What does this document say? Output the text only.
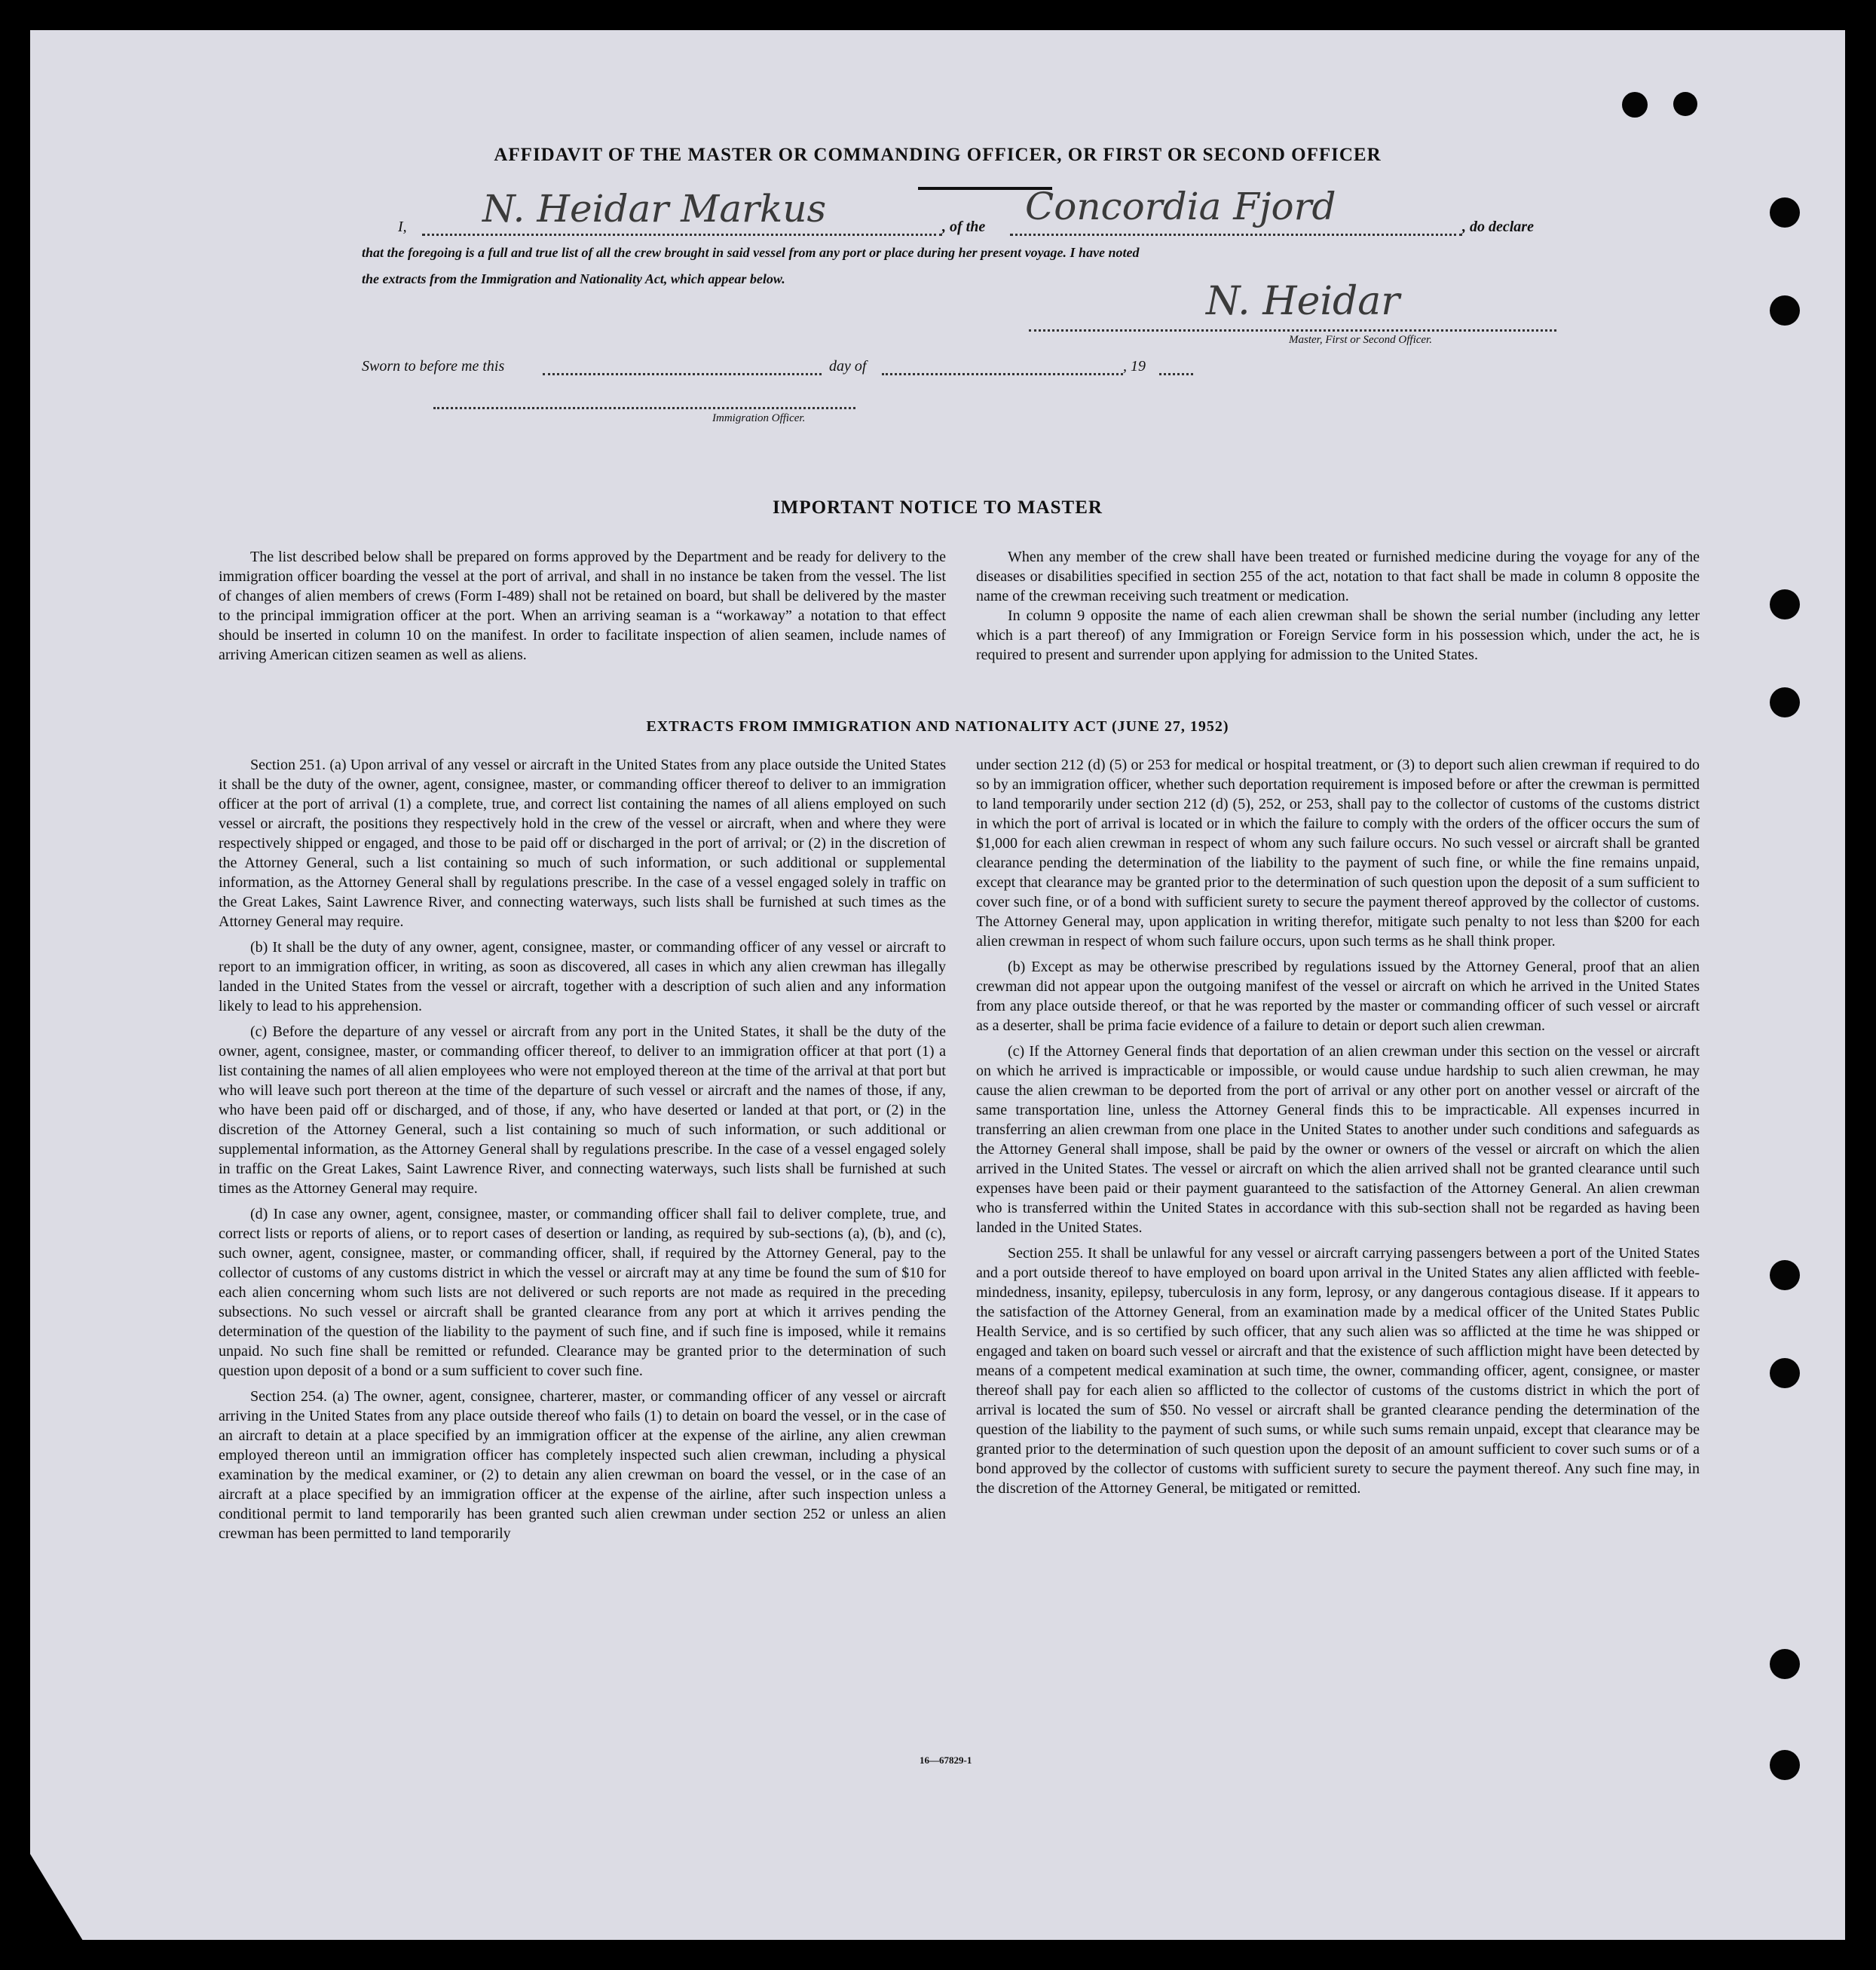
AFFIDAVIT OF THE MASTER OR COMMANDING OFFICER, OR FIRST OR SECOND OFFICER
I, N. Heidar Markus	, of the Concordia Fjord	, do declare
that the foregoing is a full and true list of all the crew brought in said vessel from any port or place during her present voyage. I have noted
the extracts from the Immigration and Nationality Act, which appear below.	N. Heidar
Master, First or Second Officer.
Sworn to before me this	day of	, 19
Immigration Officer.
IMPORTANT NOTICE TO MASTER

The list described below shall be prepared on forms approved by the Department and be ready for delivery to the immigration officer boarding the vessel at the port of arrival, and shall in no instance be taken from the vessel. The list of changes of alien members of crews (Form I-489) shall not be retained on board, but shall be delivered by the master to the principal immigration officer at the port. When an arriving seaman is a “workaway” a notation to that effect should be inserted in column 10 on the manifest. In order to facilitate inspection of alien seamen, include names of arriving American citizen seamen as well as aliens.

When any member of the crew shall have been treated or furnished medicine during the voyage for any of the diseases or disabilities specified in section 255 of the act, notation to that fact shall be made in column 8 opposite the name of the crewman receiving such treatment or medication.

In column 9 opposite the name of each alien crewman shall be shown the serial number (including any letter which is a part thereof) of any Immigration or Foreign Service form in his possession which, under the act, he is required to present and surrender upon applying for admission to the United States.

EXTRACTS FROM IMMIGRATION AND NATIONALITY ACT (JUNE 27, 1952)

Section 251. (a) Upon arrival of any vessel or aircraft in the United States from any place outside the United States it shall be the duty of the owner, agent, consignee, master, or commanding officer thereof to deliver to an immigration officer at the port of arrival (1) a complete, true, and correct list containing the names of all aliens employed on such vessel or aircraft, the positions they respectively hold in the crew of the vessel or aircraft, when and where they were respectively shipped or engaged, and those to be paid off or discharged in the port of arrival; or (2) in the discretion of the Attorney General, such a list containing so much of such information, or such additional or supplemental information, as the Attorney General shall by regulations prescribe. In the case of a vessel engaged solely in traffic on the Great Lakes, Saint Lawrence River, and connecting waterways, such lists shall be furnished at such times as the Attorney General may require.

(b) It shall be the duty of any owner, agent, consignee, master, or commanding officer of any vessel or aircraft to report to an immigration officer, in writing, as soon as discovered, all cases in which any alien crewman has illegally landed in the United States from the vessel or aircraft, together with a description of such alien and any information likely to lead to his apprehension.

(c) Before the departure of any vessel or aircraft from any port in the United States, it shall be the duty of the owner, agent, consignee, master, or commanding officer thereof, to deliver to an immigration officer at that port (1) a list containing the names of all alien employees who were not employed thereon at the time of the arrival at that port but who will leave such port thereon at the time of the departure of such vessel or aircraft and the names of those, if any, who have been paid off or discharged, and of those, if any, who have deserted or landed at that port, or (2) in the discretion of the Attorney General, such a list containing so much of such information, or such additional or supplemental information, as the Attorney General shall by regulations prescribe. In the case of a vessel engaged solely in traffic on the Great Lakes, Saint Lawrence River, and connecting waterways, such lists shall be furnished at such times as the Attorney General may require.

(d) In case any owner, agent, consignee, master, or commanding officer shall fail to deliver complete, true, and correct lists or reports of aliens, or to report cases of desertion or landing, as required by sub-sections (a), (b), and (c), such owner, agent, consignee, master, or commanding officer, shall, if required by the Attorney General, pay to the collector of customs of any customs district in which the vessel or aircraft may at any time be found the sum of $10 for each alien concerning whom such lists are not delivered or such reports are not made as required in the preceding subsections. No such vessel or aircraft shall be granted clearance from any port at which it arrives pending the determination of the question of the liability to the payment of such fine, and if such fine is imposed, while it remains unpaid. No such fine shall be remitted or refunded. Clearance may be granted prior to the determination of such question upon deposit of a bond or a sum sufficient to cover such fine.

Section 254. (a) The owner, agent, consignee, charterer, master, or commanding officer of any vessel or aircraft arriving in the United States from any place outside thereof who fails (1) to detain on board the vessel, or in the case of an aircraft to detain at a place specified by an immigration officer at the expense of the airline, any alien crewman employed thereon until an immigration officer has completely inspected such alien crewman, including a physical examination by the medical examiner, or (2) to detain any alien crewman on board the vessel, or in the case of an aircraft at a place specified by an immigration officer at the expense of the airline, after such inspection unless a conditional permit to land temporarily has been granted such alien crewman under section 252 or unless an alien crewman has been permitted to land temporarily

under section 212 (d) (5) or 253 for medical or hospital treatment, or (3) to deport such alien crewman if required to do so by an immigration officer, whether such deportation requirement is imposed before or after the crewman is permitted to land temporarily under section 212 (d) (5), 252, or 253, shall pay to the collector of customs of the customs district in which the port of arrival is located or in which the failure to comply with the orders of the officer occurs the sum of $1,000 for each alien crewman in respect of whom any such failure occurs. No such vessel or aircraft shall be granted clearance pending the determination of the liability to the payment of such fine, or while the fine remains unpaid, except that clearance may be granted prior to the determination of such question upon the deposit of a sum sufficient to cover such fine, or of a bond with sufficient surety to secure the payment thereof approved by the collector of customs. The Attorney General may, upon application in writing therefor, mitigate such penalty to not less than $200 for each alien crewman in respect of whom such failure occurs, upon such terms as he shall think proper.

(b) Except as may be otherwise prescribed by regulations issued by the Attorney General, proof that an alien crewman did not appear upon the outgoing manifest of the vessel or aircraft on which he arrived in the United States from any place outside thereof, or that he was reported by the master or commanding officer of such vessel or aircraft as a deserter, shall be prima facie evidence of a failure to detain or deport such alien crewman.

(c) If the Attorney General finds that deportation of an alien crewman under this section on the vessel or aircraft on which he arrived is impracticable or impossible, or would cause undue hardship to such alien crewman, he may cause the alien crewman to be deported from the port of arrival or any other port on another vessel or aircraft of the same transportation line, unless the Attorney General finds this to be impracticable. All expenses incurred in transferring an alien crewman from one place in the United States to another under such conditions and safeguards as the Attorney General shall impose, shall be paid by the owner or owners of the vessel or aircraft on which the alien arrived in the United States. The vessel or aircraft on which the alien arrived shall not be granted clearance until such expenses have been paid or their payment guaranteed to the satisfaction of the Attorney General. An alien crewman who is transferred within the United States in accordance with this sub-section shall not be regarded as having been landed in the United States.

Section 255. It shall be unlawful for any vessel or aircraft carrying passengers between a port of the United States and a port outside thereof to have employed on board upon arrival in the United States any alien afflicted with feeble-mindedness, insanity, epilepsy, tuberculosis in any form, leprosy, or any dangerous contagious disease. If it appears to the satisfaction of the Attorney General, from an examination made by a medical officer of the United States Public Health Service, and is so certified by such officer, that any such alien was so afflicted at the time he was shipped or engaged and taken on board such vessel or aircraft and that the existence of such affliction might have been detected by means of a competent medical examination at such time, the owner, commanding officer, agent, consignee, or master thereof shall pay for each alien so afflicted to the collector of customs of the customs district in which the port of arrival is located the sum of $50. No vessel or aircraft shall be granted clearance pending the determination of the question of the liability to the payment of such sums, or while such sums remain unpaid, except that clearance may be granted prior to the determination of such question upon the deposit of an amount sufficient to cover such sums or of a bond approved by the collector of customs with sufficient surety to secure the payment thereof. Any such fine may, in the discretion of the Attorney General, be mitigated or remitted.

16—67829-1
